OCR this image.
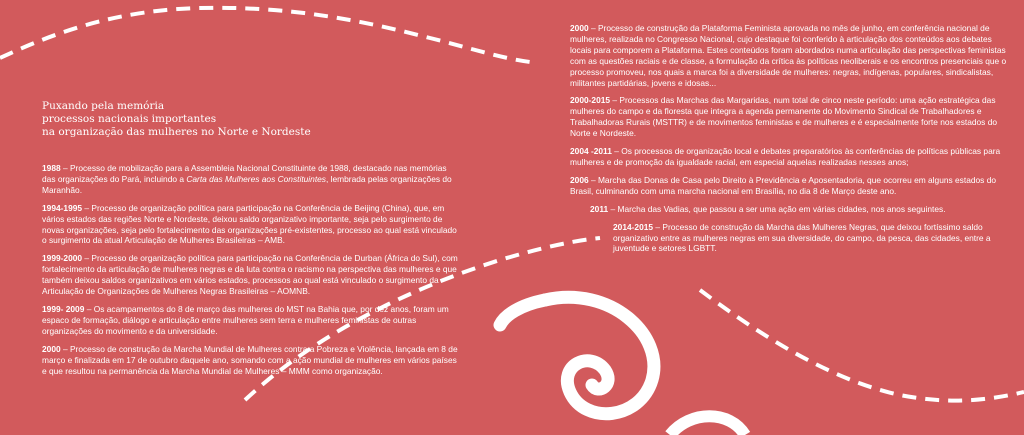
Puxando pela memória
processos nacionais importantes
na organização das mulheres no Norte e Nordeste

1988 – Processo de mobilização para a Assembleia Nacional Constituinte de 1988, destacado nas memórias das organizações do Pará, incluindo a Carta das Mulheres aos Constituintes, lembrada pelas organizações do Maranhão.

1994-1995 – Processo de organização política para participação na Conferência de Beijing (China), que, em vários estados das regiões Norte e Nordeste, deixou saldo organizativo importante, seja pelo surgimento de novas organizações, seja pelo fortalecimento das organizações pré-existentes, processo ao qual está vinculado o surgimento da atual Articulação de Mulheres Brasileiras – AMB.

1999-2000 – Processo de organização política para participação na Conferência de Durban (África do Sul), com fortalecimento da articulação de mulheres negras e da luta contra o racismo na perspectiva das mulheres e que também deixou saldos organizativos em vários estados, processos ao qual está vinculado o surgimento da Articulação de Organizações de Mulheres Negras Brasileiras – AOMNB.

1999- 2009 – Os acampamentos do 8 de março das mulheres do MST na Bahia que, por dez anos, foram um espaco de formação, diálogo e articulação entre mulheres sem terra e mulheres feministas de outras organizações do movimento e da universidade.

2000 – Processo de construção da Marcha Mundial de Mulheres contra a Pobreza e Violência, lançada em 8 de março e finalizada em 17 de outubro daquele ano, somando com a ação mundial de mulheres em vários países e que resultou na permanência da Marcha Mundial de Mulheres – MMM como organização.

2000 – Processo de construção da Plataforma Feminista aprovada no mês de junho, em conferência nacional de mulheres, realizada no Congresso Nacional, cujo destaque foi conferido à articulação dos conteúdos aos debates locais para comporem a Plataforma. Estes conteúdos foram abordados numa articulação das perspectivas feministas com as questões raciais e de classe, a formulação da crítica às políticas neoliberais e os encontros presenciais que o processo promoveu, nos quais a marca foi a diversidade de mulheres: negras, indígenas, populares, sindicalistas, militantes partidárias, jovens e idosas...

2000-2015 – Processos das Marchas das Margaridas, num total de cinco neste período: uma ação estratégica das mulheres do campo e da floresta que integra a agenda permanente do Movimento Sindical de Trabalhadores e Trabalhadoras Rurais (MSTTR) e de movimentos feministas e de mulheres e é especialmente forte nos estados do Norte e Nordeste.

2004 -2011 – Os processos de organização local e debates preparatórios às conferências de políticas públicas para mulheres e de promoção da igualdade racial, em especial aquelas realizadas nesses anos;

2006 – Marcha das Donas de Casa pelo Direito à Previdência e Aposentadoria, que ocorreu em alguns estados do Brasil, culminando com uma marcha nacional em Brasília, no dia 8 de Março deste ano.

2011 – Marcha das Vadias, que passou a ser uma ação em várias cidades, nos anos seguintes.

2014-2015 – Processo de construção da Marcha das Mulheres Negras, que deixou fortíssimo saldo organizativo entre as mulheres negras em sua diversidade, do campo, da pesca, das cidades, entre a juventude e setores LGBTT.
